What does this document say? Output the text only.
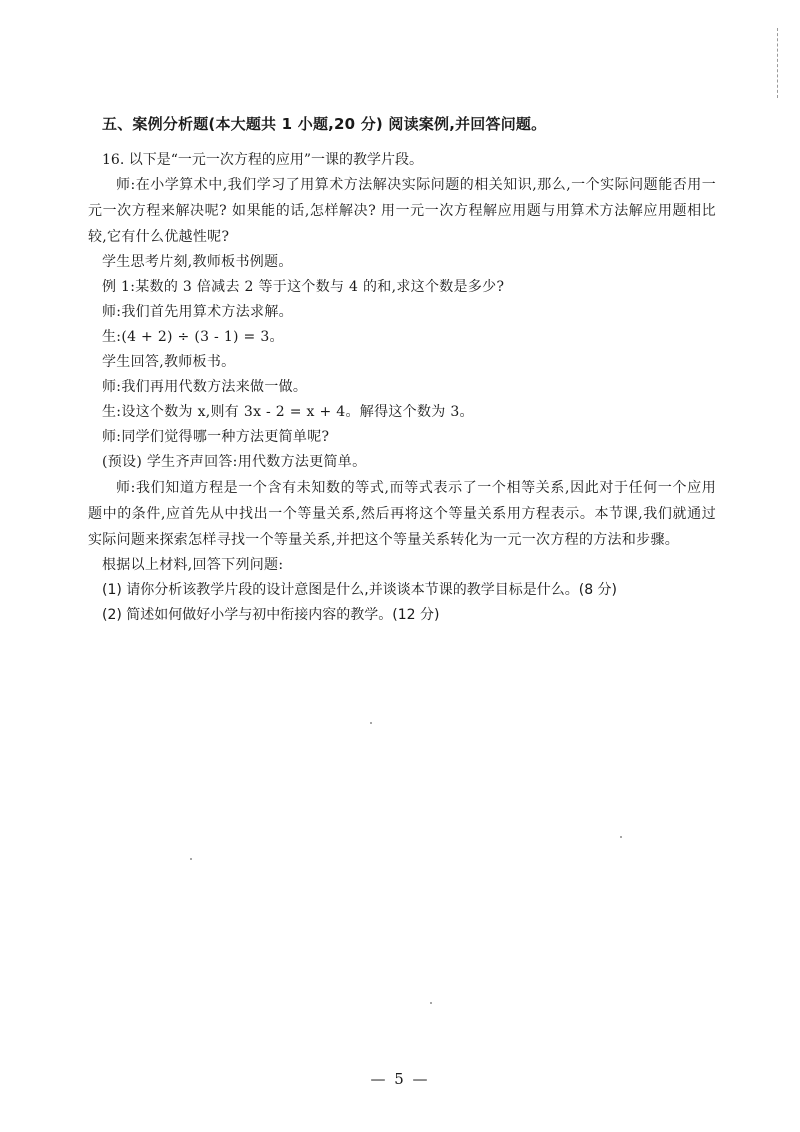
五、案例分析题(本大题共 1 小题,20 分) 阅读案例,并回答问题。

16. 以下是“一元一次方程的应用”一课的教学片段。

师:在小学算术中,我们学习了用算术方法解决实际问题的相关知识,那么,一个实际问题能否用一元一次方程来解决呢? 如果能的话,怎样解决? 用一元一次方程解应用题与用算术方法解应用题相比较,它有什么优越性呢?

学生思考片刻,教师板书例题。

例 1:某数的 3 倍减去 2 等于这个数与 4 的和,求这个数是多少?

师:我们首先用算术方法求解。

生:(4 + 2) ÷ (3 - 1) = 3。

学生回答,教师板书。

师:我们再用代数方法来做一做。

生:设这个数为 x,则有 3x - 2 = x + 4。解得这个数为 3。

师:同学们觉得哪一种方法更简单呢?

(预设) 学生齐声回答:用代数方法更简单。

师:我们知道方程是一个含有未知数的等式,而等式表示了一个相等关系,因此对于任何一个应用题中的条件,应首先从中找出一个等量关系,然后再将这个等量关系用方程表示。本节课,我们就通过实际问题来探索怎样寻找一个等量关系,并把这个等量关系转化为一元一次方程的方法和步骤。

根据以上材料,回答下列问题:

(1) 请你分析该教学片段的设计意图是什么,并谈谈本节课的教学目标是什么。(8 分)
(2) 简述如何做好小学与初中衔接内容的教学。(12 分)
— 5 —
